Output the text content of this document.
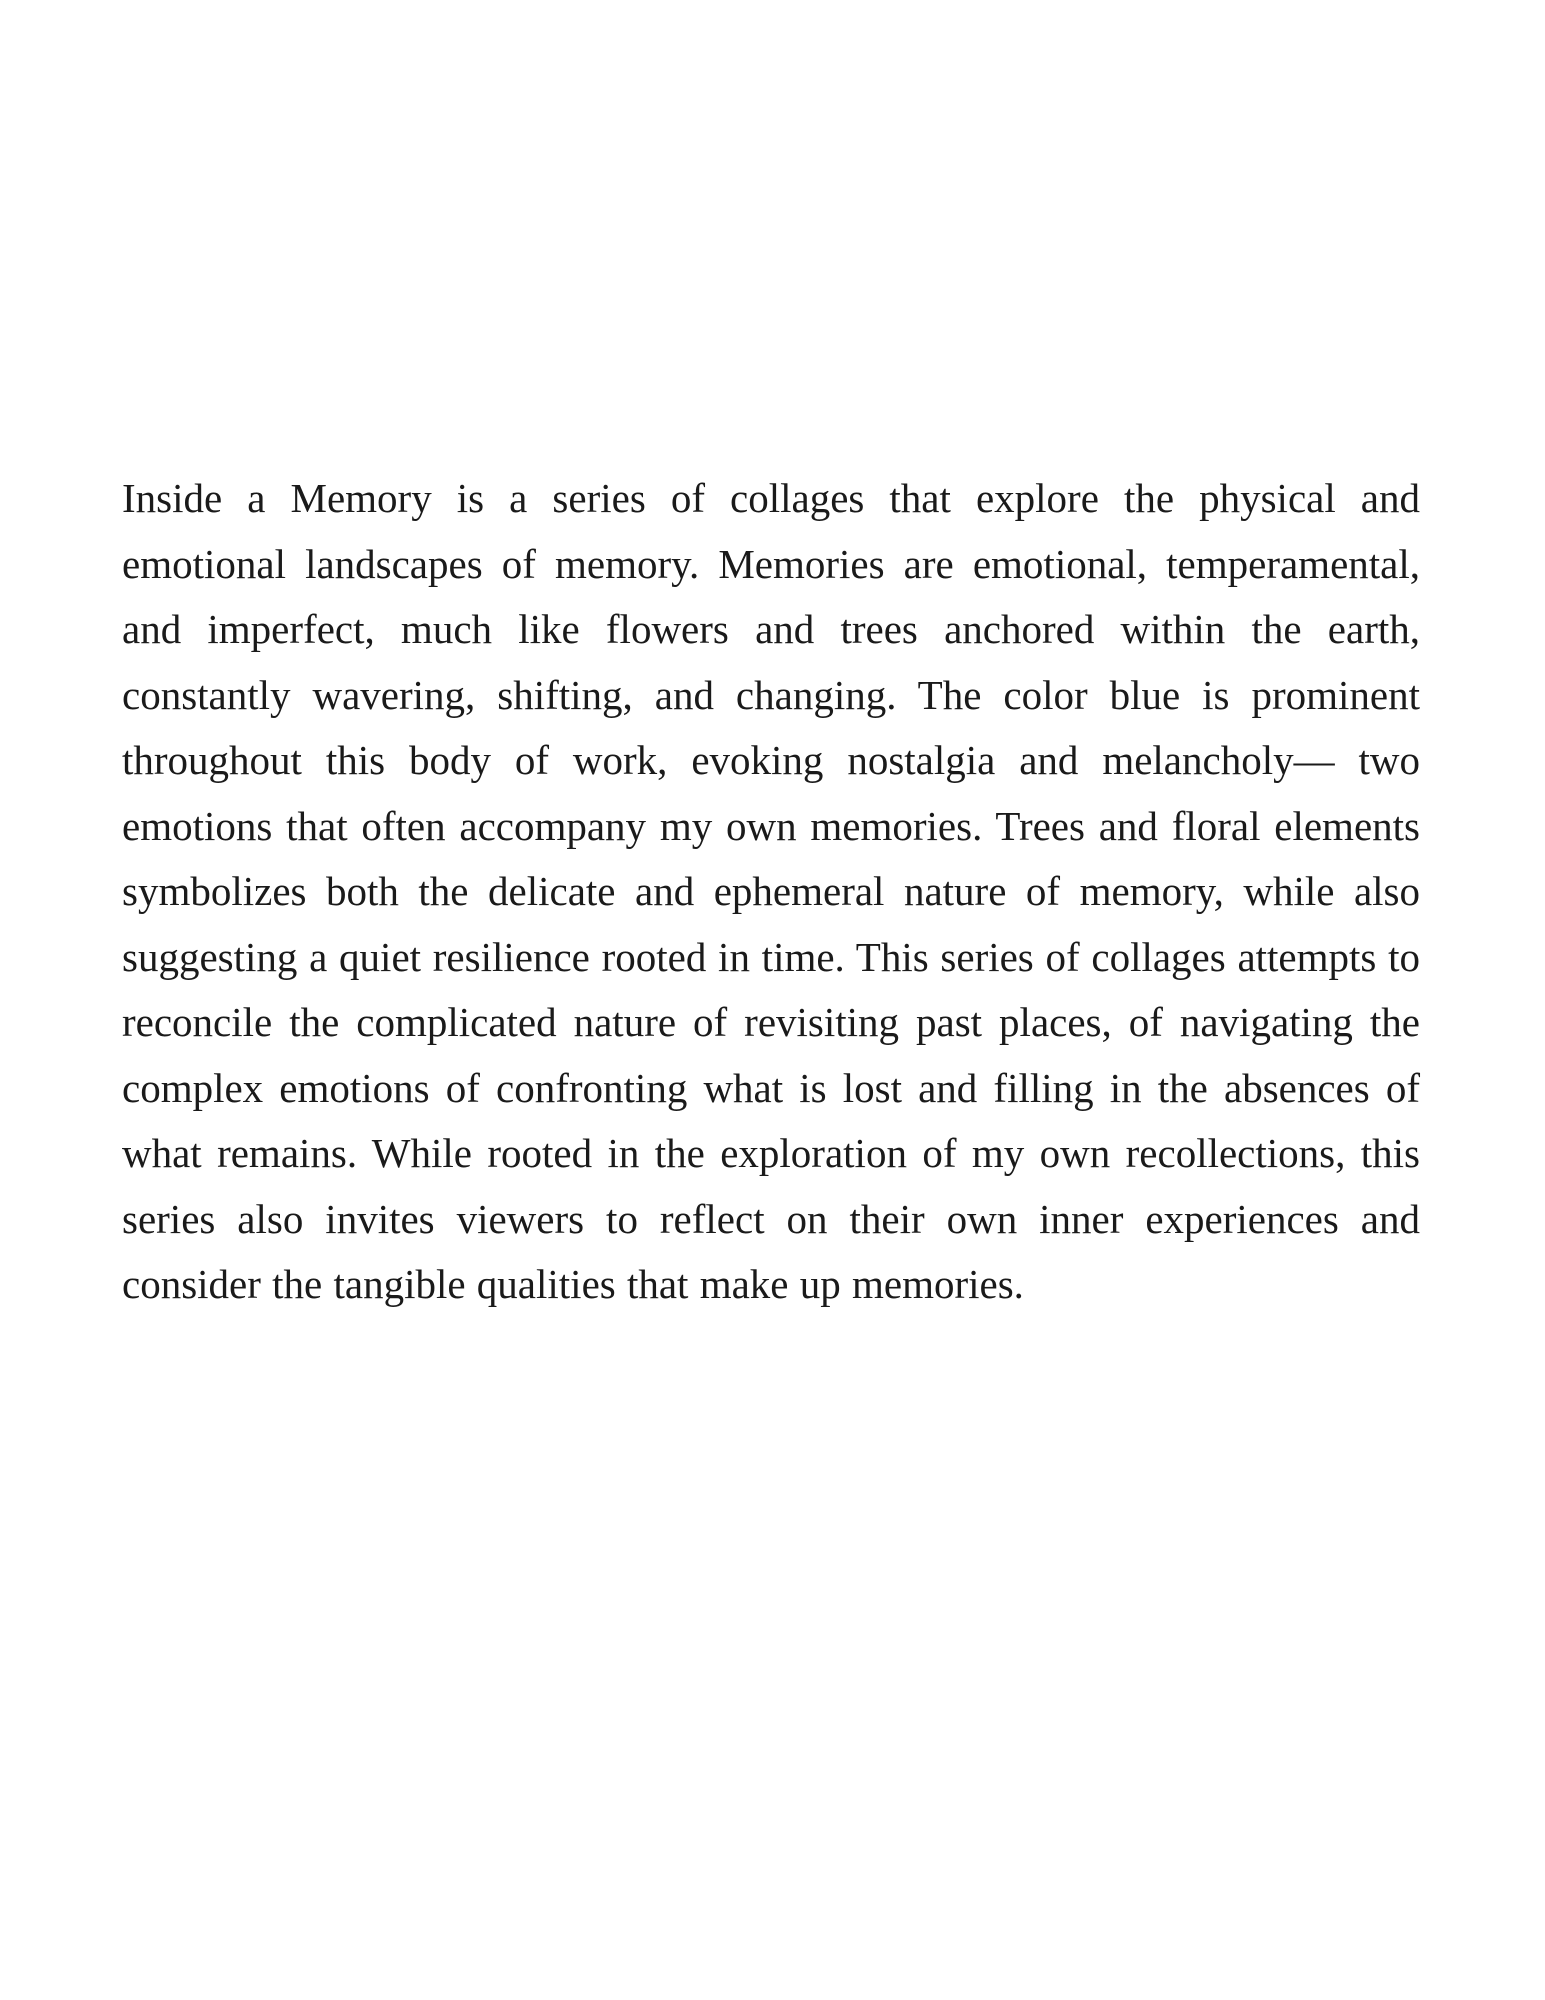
Inside a Memory is a series of collages that explore the physical and emotional landscapes of memory. Memories are emotional, temperamental, and imperfect, much like flowers and trees anchored within the earth, constantly wavering, shifting, and changing. The color blue is prominent throughout this body of work, evoking nostalgia and melancholy— two emotions that often accompany my own memories. Trees and floral elements symbolizes both the delicate and ephemeral nature of memory, while also suggesting a quiet resilience rooted in time. This series of collages attempts to reconcile the complicated nature of revisiting past places, of navigating the complex emotions of confronting what is lost and filling in the absences of what remains. While rooted in the exploration of my own recollections, this series also invites viewers to reflect on their own inner experiences and consider the tangible qualities that make up memories.
